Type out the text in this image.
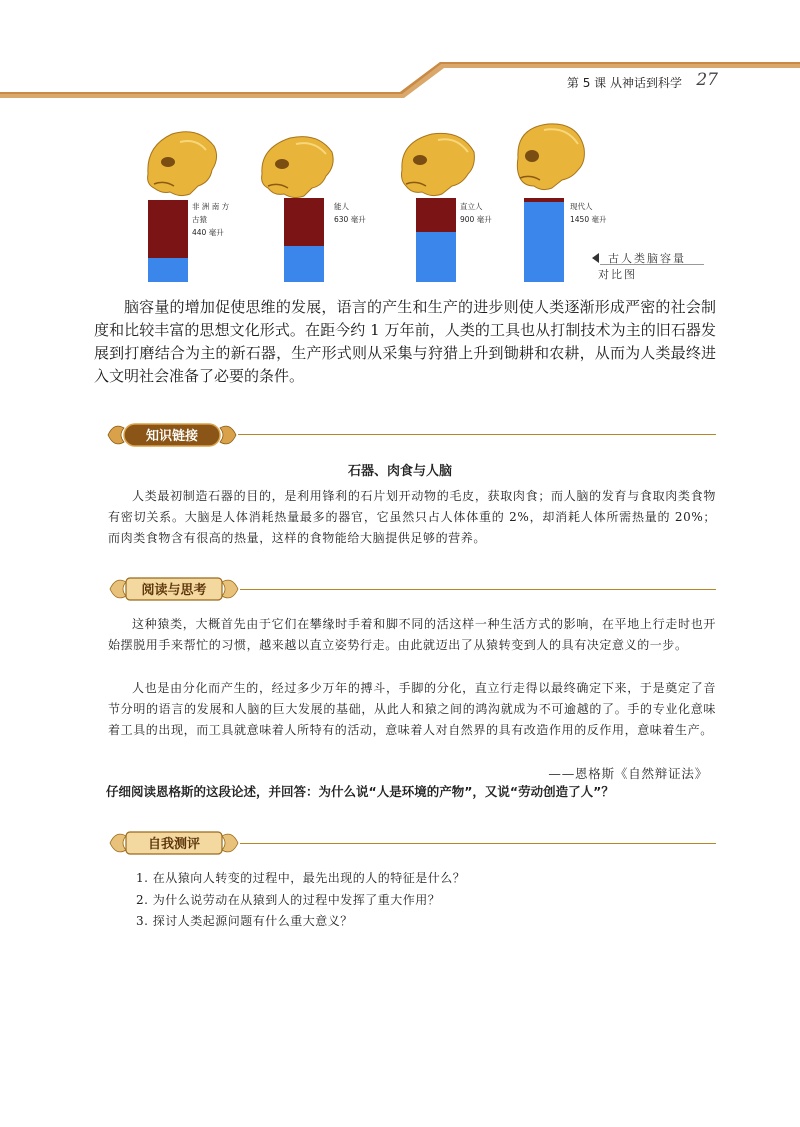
第 5 课 从神话到科学 27
非 洲 南 方
古猿
440 毫升
能人
630 毫升
直立人
900 毫升
现代人
1450 毫升
古人类脑容量
对比图
脑容量的增加促使思维的发展，语言的产生和生产的进步则使人类逐渐形成严密的社会制度和比较丰富的思想文化形式。在距今约 1 万年前，人类的工具也从打制技术为主的旧石器发展到打磨结合为主的新石器，生产形式则从采集与狩猎上升到锄耕和农耕，从而为人类最终进入文明社会准备了必要的条件。
知识链接
石器、肉食与人脑
人类最初制造石器的目的，是利用锋利的石片划开动物的毛皮，获取肉食；而人脑的发育与食取肉类食物有密切关系。大脑是人体消耗热量最多的器官，它虽然只占人体体重的 2%，却消耗人体所需热量的 20%；而肉类食物含有很高的热量，这样的食物能给大脑提供足够的营养。
阅读与思考
这种猿类，大概首先由于它们在攀缘时手着和脚不同的活这样一种生活方式的影响，在平地上行走时也开始摆脱用手来帮忙的习惯，越来越以直立姿势行走。由此就迈出了从猿转变到人的具有决定意义的一步。
人也是由分化而产生的，经过多少万年的搏斗，手脚的分化，直立行走得以最终确定下来，于是奠定了音节分明的语言的发展和人脑的巨大发展的基础，从此人和猿之间的鸿沟就成为不可逾越的了。手的专业化意味着工具的出现，而工具就意味着人所特有的活动，意味着人对自然界的具有改造作用的反作用，意味着生产。
——恩格斯《自然辩证法》
仔细阅读恩格斯的这段论述，并回答：为什么说“人是环境的产物”，又说“劳动创造了人”？
自我测评
1. 在从猿向人转变的过程中，最先出现的人的特征是什么？
2. 为什么说劳动在从猿到人的过程中发挥了重大作用？
3. 探讨人类起源问题有什么重大意义？
